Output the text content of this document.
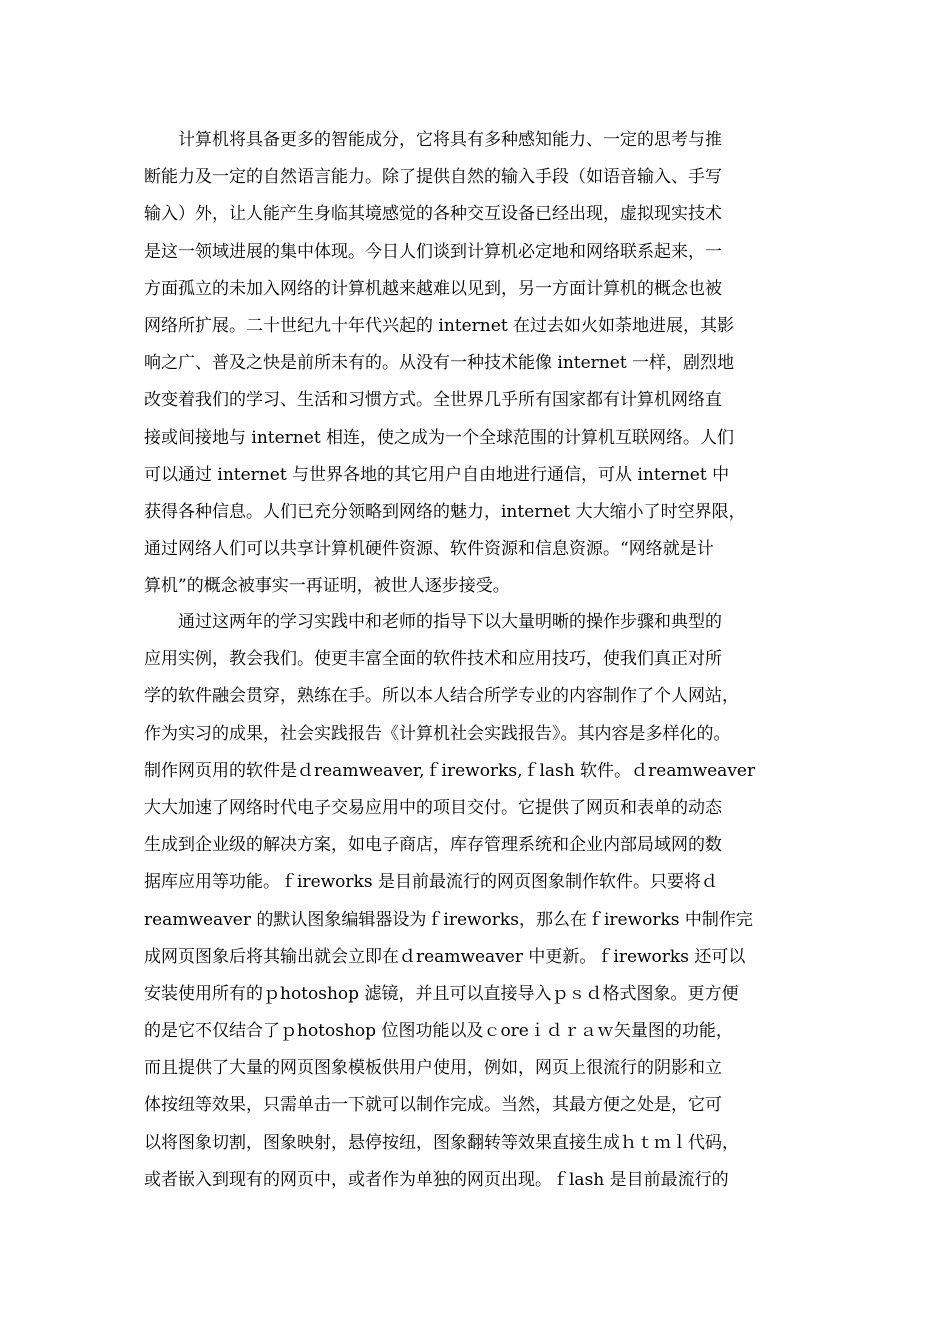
　　计算机将具备更多的智能成分，它将具有多种感知能力、一定的思考与推
断能力及一定的自然语言能力。除了提供自然的输入手段（如语音输入、手写
输入）外，让人能产生身临其境感觉的各种交互设备已经出现，虚拟现实技术
是这一领域进展的集中体现。今日人们谈到计算机必定地和网络联系起来，一
方面孤立的未加入网络的计算机越来越难以见到，另一方面计算机的概念也被
网络所扩展。二十世纪九十年代兴起的 internet 在过去如火如荼地进展，其影
响之广、普及之快是前所未有的。从没有一种技术能像 internet 一样，剧烈地
改变着我们的学习、生活和习惯方式。全世界几乎所有国家都有计算机网络直
接或间接地与 internet 相连，使之成为一个全球范围的计算机互联网络。人们
可以通过 internet 与世界各地的其它用户自由地进行通信，可从 internet 中
获得各种信息。人们已充分领略到网络的魅力，internet 大大缩小了时空界限，
通过网络人们可以共享计算机硬件资源、软件资源和信息资源。“网络就是计
算机”的概念被事实一再证明，被世人逐步接受。
　　通过这两年的学习实践中和老师的指导下以大量明晰的操作步骤和典型的
应用实例，教会我们。使更丰富全面的软件技术和应用技巧，使我们真正对所
学的软件融会贯穿，熟练在手。所以本人结合所学专业的内容制作了个人网站，
作为实习的成果，社会实践报告《计算机社会实践报告》。其内容是多样化的。
制作网页用的软件是ｄreamweaver,ｆireworks,ｆlash 软件。ｄreamweaver
大大加速了网络时代电子交易应用中的项目交付。它提供了网页和表单的动态
生成到企业级的解决方案，如电子商店，库存管理系统和企业内部局域网的数
据库应用等功能。ｆireworks 是目前最流行的网页图象制作软件。只要将ｄ
reamweaver 的默认图象编辑器设为ｆireworks，那么在ｆireworks 中制作完
成网页图象后将其输出就会立即在ｄreamweaver 中更新。ｆireworks 还可以
安装使用所有的ｐhotoshop 滤镜，并且可以直接导入ｐｓｄ格式图象。更方便
的是它不仅结合了ｐhotoshop 位图功能以及ｃoreｉｄｒａｗ矢量图的功能，
而且提供了大量的网页图象模板供用户使用，例如，网页上很流行的阴影和立
体按纽等效果，只需单击一下就可以制作完成。当然，其最方便之处是，它可
以将图象切割，图象映射，悬停按纽，图象翻转等效果直接生成ｈｔｍｌ代码，
或者嵌入到现有的网页中，或者作为单独的网页出现。ｆlash 是目前最流行的
